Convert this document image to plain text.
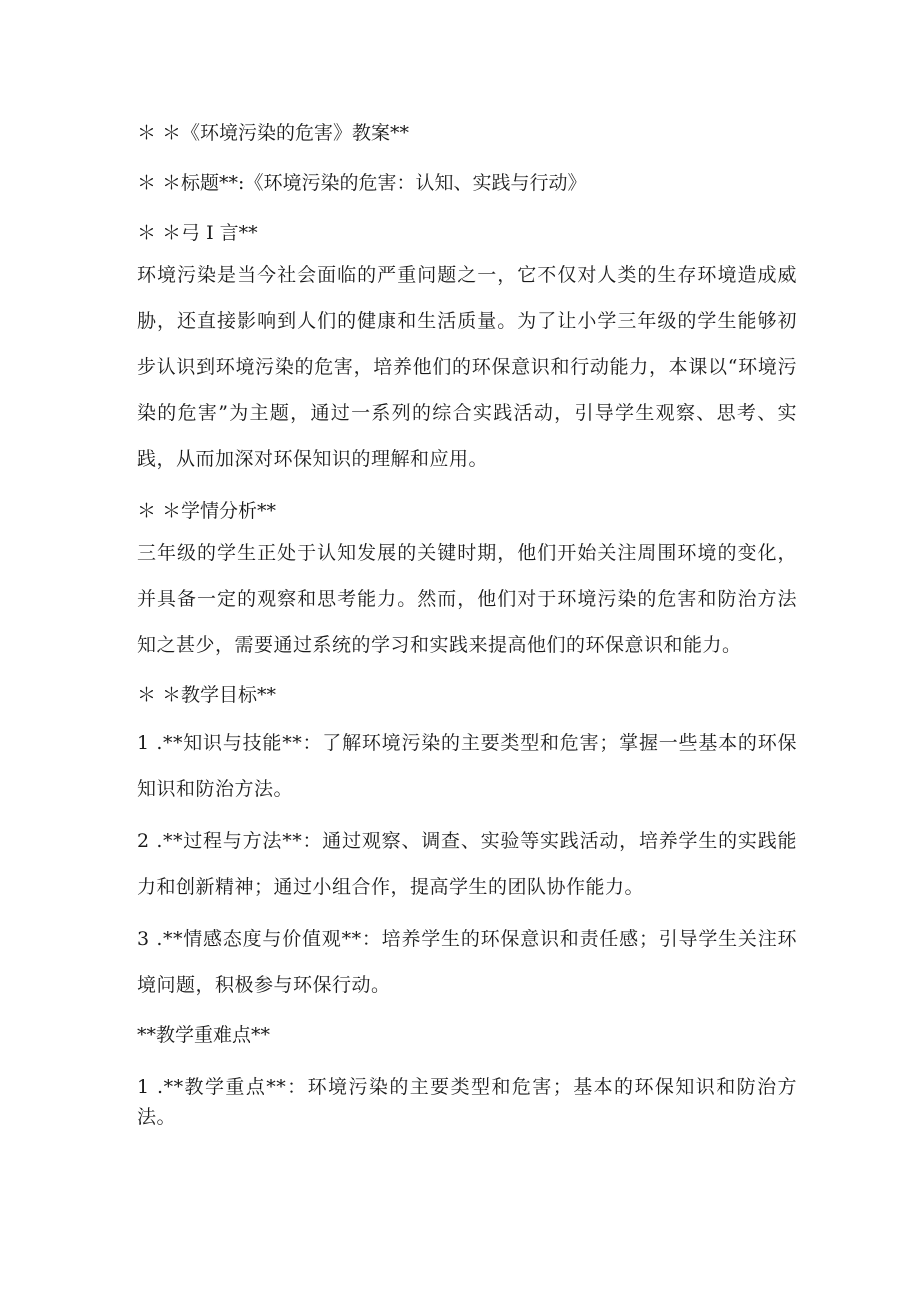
＊ ＊《环境污染的危害》教案**

＊ ＊标题**:《环境污染的危害：认知、实践与行动》

＊ ＊弓 I 言**

环境污染是当今社会面临的严重问题之一，它不仅对人类的生存环境造成威胁，还直接影响到人们的健康和生活质量。为了让小学三年级的学生能够初步认识到环境污染的危害，培养他们的环保意识和行动能力，本课以“环境污染的危害”为主题，通过一系列的综合实践活动，引导学生观察、思考、实践，从而加深对环保知识的理解和应用。

＊ ＊学情分析**

三年级的学生正处于认知发展的关键时期，他们开始关注周围环境的变化，并具备一定的观察和思考能力。然而，他们对于环境污染的危害和防治方法知之甚少，需要通过系统的学习和实践来提高他们的环保意识和能力。

＊ ＊教学目标**

1 .**知识与技能**：了解环境污染的主要类型和危害；掌握一些基本的环保知识和防治方法。

2 .**过程与方法**：通过观察、调查、实验等实践活动，培养学生的实践能力和创新精神；通过小组合作，提高学生的团队协作能力。

3 .**情感态度与价值观**：培养学生的环保意识和责任感；引导学生关注环境问题，积极参与环保行动。

**教学重难点**

1 .**教学重点**：环境污染的主要类型和危害；基本的环保知识和防治方法。
